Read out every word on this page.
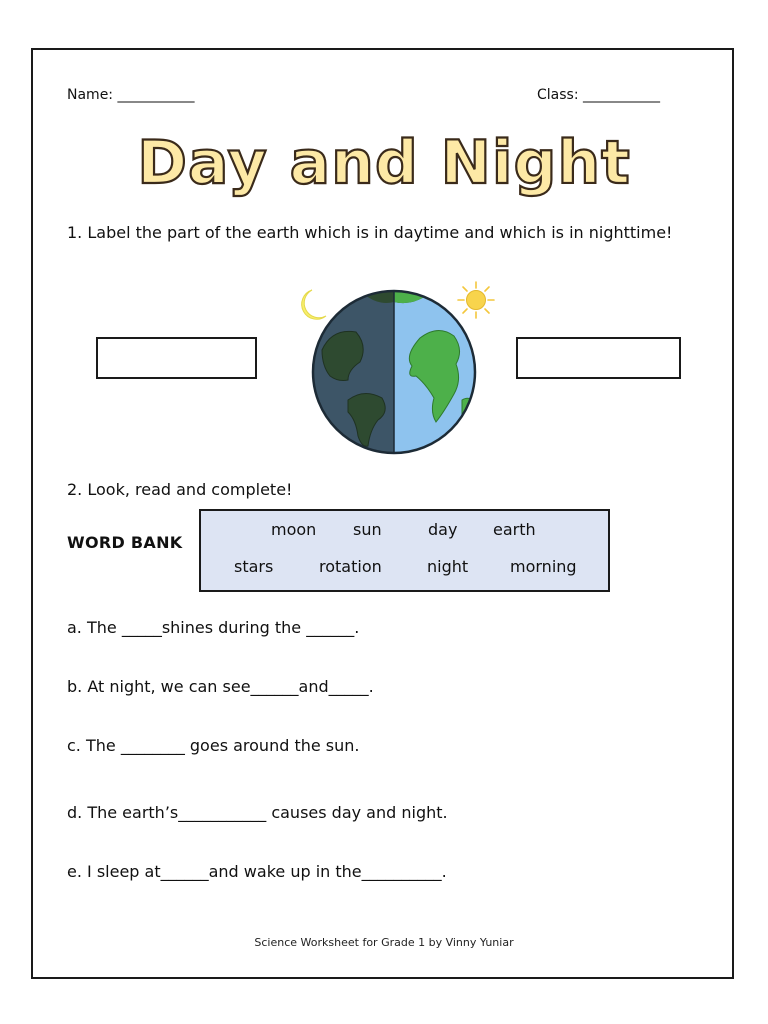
Name: ___________	Class: ___________
Day and Night
1. Label the part of the earth which is in daytime and which is in nighttime!
2. Look, read and complete!
WORD BANK
moon sun	day earth
stars	rotation	night	morning
a. The _____shines during the ______.
b. At night, we can see______and_____.
c. The ________ goes around the sun.
d. The earth’s___________ causes day and night.
e. I sleep at______and wake up in the__________.
Science Worksheet for Grade 1 by Vinny Yuniar
